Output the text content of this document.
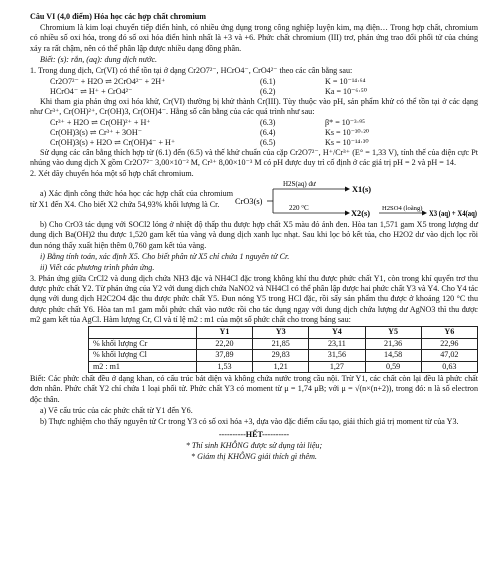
Câu VI (4,0 điểm) Hóa học các hợp chất chromium

Chromium là kim loại chuyển tiếp điển hình, có nhiều ứng dụng trong công nghiệp luyện kim, mạ điện… Trong hợp chất, chromium có nhiều số oxi hóa, trong đó số oxi hóa điển hình nhất là +3 và +6. Phức chất chromium (III) trơ, phản ứng trao đổi phối tử của chúng xảy ra rất chậm, nên có thể phân lập được nhiều dạng đồng phân.

Biết: (s): rắn, (aq): dung dịch nước.

1. Trong dung dịch, Cr(VI) có thể tồn tại ở dạng Cr2O7²⁻, HCrO4⁻, CrO4²⁻ theo các cân bằng sau:

Cr2O7²⁻ + H2O ⇌ 2CrO4²⁻ + 2H⁺	(6.1)	K = 10⁻¹⁴·⁶⁴
HCrO4⁻ ⇌ H⁺ + CrO4²⁻	(6.2)	Ka = 10⁻⁶·⁵⁰

Khi tham gia phản ứng oxi hóa khử, Cr(VI) thường bị khử thành Cr(III). Tùy thuộc vào pH, sản phẩm khử có thể tồn tại ở các dạng như Cr³⁺, Cr(OH)²⁺, Cr(OH)3, Cr(OH)4⁻. Hằng số cân bằng của các quá trình như sau:

Cr³⁺ + H2O ⇌ Cr(OH)²⁺ + H⁺	(6.3)	β* = 10⁻³·⁹⁵
Cr(OH)3(s) ⇌ Cr³⁺ + 3OH⁻	(6.4)	Ks = 10⁻³⁰·²⁰
Cr(OH)3(s) + H2O ⇌ Cr(OH)4⁻ + H⁺	(6.5)	Ks = 10⁻¹⁴·³⁰

Sử dụng các cân bằng thích hợp từ (6.1) đến (6.5) và thế khử chuẩn của cặp Cr2O7²⁻, H⁺/Cr³⁺ (E° = 1,33 V), tính thế của điện cực Pt nhúng vào dung dịch X gồm Cr2O7²⁻ 3,00×10⁻² M, Cr³⁺ 8,00×10⁻³ M có pH được duy trì cố định ở các giá trị pH = 2 và pH = 14.

2. Xét dãy chuyển hóa một số hợp chất chromium.

a) Xác định công thức hóa học các hợp chất của chromium từ X1 đến X4. Cho biết X2 chứa 54,93% khối lượng là Cr.	CrO3(s)
H2S(aq) dư
X1(s)
220 °C
X2(s)
H2SO4 (loãng)
X3 (aq) + X4(aq)

b) Cho CrO3 tác dụng với SOCl2 lỏng ở nhiệt độ thấp thu được hợp chất X5 màu đỏ ánh đen. Hòa tan 1,571 gam X5 trong lượng dư dung dịch Ba(OH)2 thu được 1,520 gam kết tủa vàng và dung dịch xanh lục nhạt. Sau khi lọc bỏ kết tủa, cho H2O2 dư vào dịch lọc rồi đun nóng thấy xuất hiện thêm 0,760 gam kết tủa vàng.

i) Bằng tính toán, xác định X5. Cho biết phân tử X5 chỉ chứa 1 nguyên tử Cr.

ii) Viết các phương trình phản ứng.

3. Phản ứng giữa CrCl2 và dung dịch chứa NH3 đặc và NH4Cl đặc trong không khí thu được phức chất Y1, còn trong khí quyển trơ thu được phức chất Y2. Từ phản ứng của Y2 với dung dịch chứa NaNO2 và NH4Cl có thể phân lập được hai phức chất Y3 và Y4. Cho Y4 tác dụng với dung dịch H2C2O4 đặc thu được phức chất Y5. Đun nóng Y5 trong HCl đặc, rồi sấy sản phẩm thu được ở khoảng 120 °C thu được phức chất Y6. Hòa tan m1 gam mỗi phức chất vào nước rồi cho tác dụng ngay với dung dịch chứa lượng dư AgNO3 thì thu được m2 gam kết tủa AgCl. Hàm lượng Cr, Cl và tỉ lệ m2 : m1 của một số phức chất cho trong bảng sau:

	Y1	Y3	Y4	Y5	Y6
% khối lượng Cr	22,20	21,85	23,11	21,36	22,96
% khối lượng Cl	37,89	29,83	31,56	14,58	47,02
m2 : m1	1,53	1,21	1,27	0,59	0,63

Biết: Các phức chất đều ở dạng khan, có cấu trúc bát diện và không chứa nước trong cầu nội. Trừ Y1, các chất còn lại đều là phức chất đơn nhân. Phức chất Y2 chỉ chứa 1 loại phối tử. Phức chất Y3 có moment từ μ = 1,74 μB; với μ = √(n×(n+2)), trong đó: n là số electron độc thân.

a) Vẽ cấu trúc của các phức chất từ Y1 đến Y6.

b) Thực nghiệm cho thấy nguyên tử Cr trong Y3 có số oxi hóa +3, dựa vào đặc điểm cấu tạo, giải thích giá trị moment từ của Y3.

----------HẾT----------

* Thí sinh KHÔNG được sử dụng tài liệu;

* Giám thị KHÔNG giải thích gì thêm.
